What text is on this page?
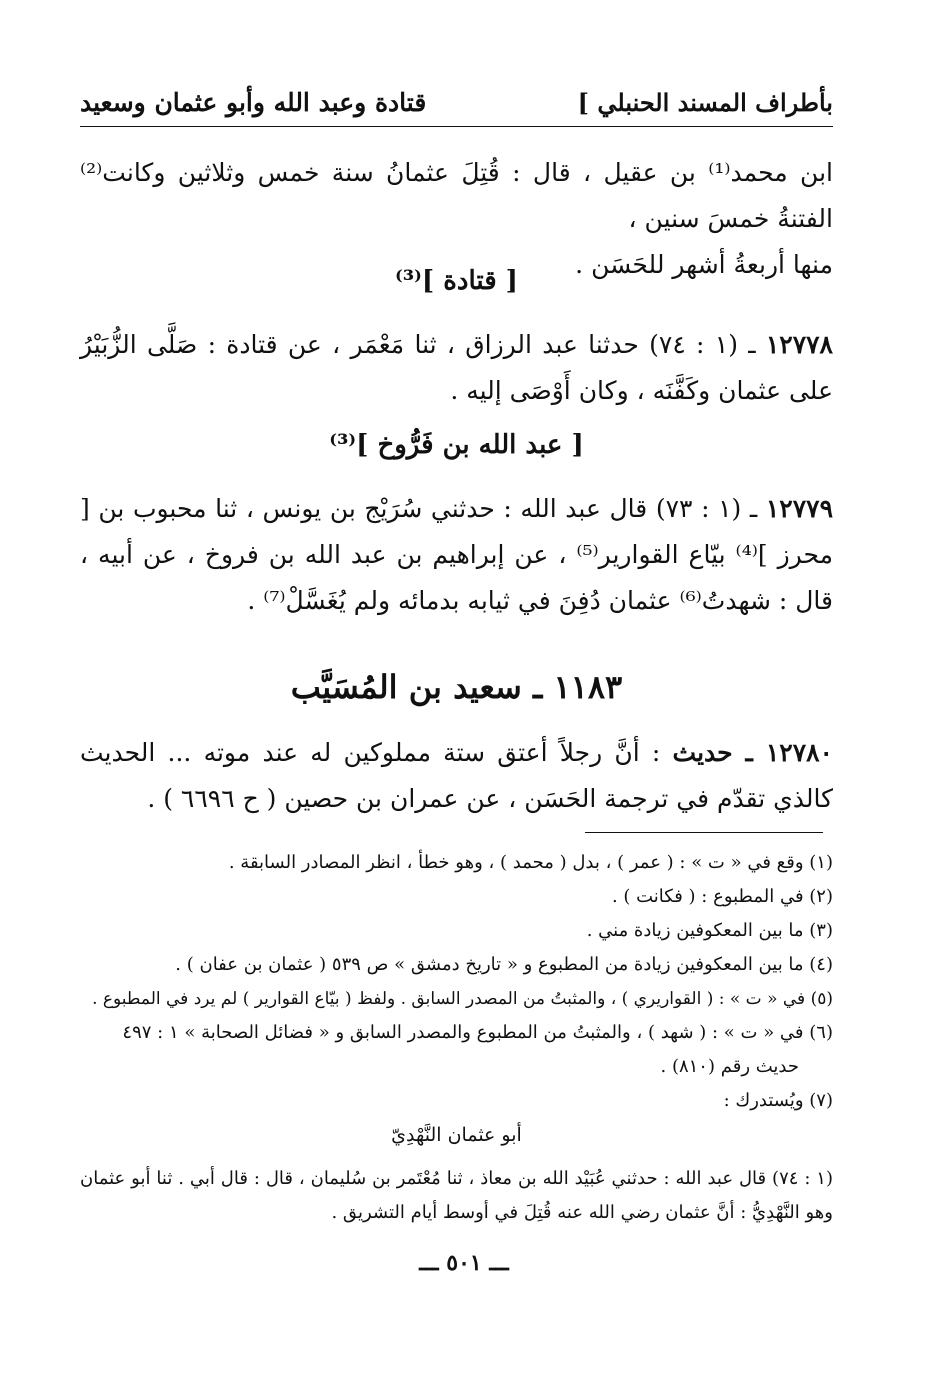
بأطراف المسند الحنبلي ]
قتادة وعبد الله وأبو عثمان وسعيد
ابن محمد⁽¹⁾ بن عقيل ، قال : قُتِلَ عثمانُ سنة خمس وثلاثين وكانت⁽²⁾ الفتنةُ خمسَ سنين ،
منها أربعةُ أشهر للحَسَن .
[ قتادة ]⁽³⁾
١٢٧٧٨ ـ (١ : ٧٤) حدثنا عبد الرزاق ، ثنا مَعْمَر ، عن قتادة : صَلَّى الزُّبَيْرُ على عثمان وكَفَّنَه ، وكان أَوْصَى إليه .
[ عبد الله بن فَرُّوخ ]⁽³⁾
١٢٧٧٩ ـ (١ : ٧٣) قال عبد الله : حدثني سُرَيْج بن يونس ، ثنا محبوب بن [ محرز ]⁽⁴⁾ بيّاع القوارير⁽⁵⁾ ، عن إبراهيم بن عبد الله بن فروخ ، عن أبيه ، قال : شهدتُ⁽⁶⁾ عثمان دُفِنَ في ثيابه بدمائه ولم يُغَسَّلْ⁽⁷⁾ .
١١٨٣ ـ سعيد بن المُسَيَّب
١٢٧٨٠ ـ حديث : أنَّ رجلاً أعتق ستة مملوكين له عند موته ... الحديث كالذي تقدّم في ترجمة الحَسَن ، عن عمران بن حصين ( ح ٦٦٩٦ ) .
(١) وقع في « ت » : ( عمر ) ، بدل ( محمد ) ، وهو خطأ ، انظر المصادر السابقة .
(٢) في المطبوع : ( فكانت ) .
(٣) ما بين المعكوفين زيادة مني .
(٤) ما بين المعكوفين زيادة من المطبوع و « تاريخ دمشق » ص ٥٣٩ ( عثمان بن عفان ) .
(٥) في « ت » : ( القواريري ) ، والمثبتُ من المصدر السابق . ولفظ ( بيّاع القوارير ) لم يرد في المطبوع .
(٦) في « ت » : ( شهد ) ، والمثبتُ من المطبوع والمصدر السابق و « فضائل الصحابة » ١ : ٤٩٧ حديث رقم (٨١٠) .
(٧) ويُستدرك :
أبو عثمان النَّهْدِيّ
(١ : ٧٤) قال عبد الله : حدثني عُبَيْد الله بن معاذ ، ثنا مُعْتَمر بن سُليمان ، قال : قال أبي . ثنا أبو عثمان وهو النَّهْدِيُّ : أنَّ عثمان رضي الله عنه قُتِلَ في أوسط أيام التشريق .
ـــ ٥٠١ ـــ
